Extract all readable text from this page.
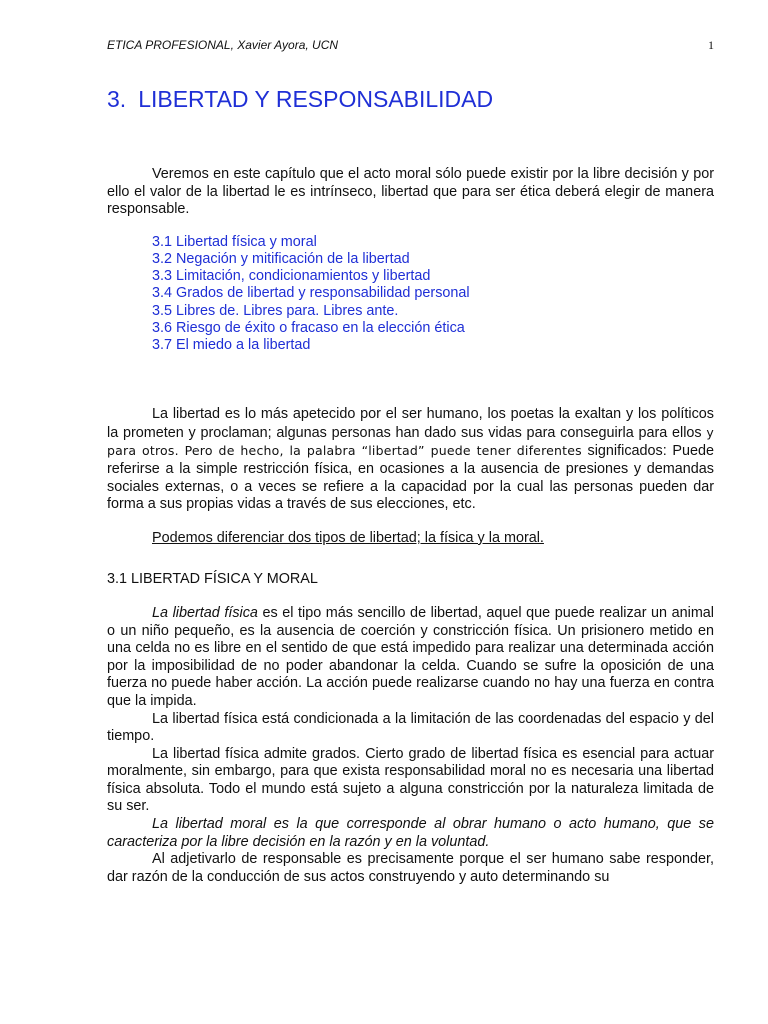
ETICA PROFESIONAL, Xavier Ayora, UCN	1
3. LIBERTAD Y RESPONSABILIDAD

Veremos en este capítulo que el acto moral sólo puede existir por la libre decisión y por ello el valor de la libertad le es intrínseco, libertad que para ser ética deberá elegir de manera responsable.

3.1 Libertad física y moral
3.2 Negación y mitificación de la libertad
3.3 Limitación, condicionamientos y libertad
3.4 Grados de libertad y responsabilidad personal
3.5 Libres de. Libres para. Libres ante.
3.6 Riesgo de éxito o fracaso en la elección ética
3.7 El miedo a la libertad

La libertad es lo más apetecido por el ser humano, los poetas la exaltan y los políticos la prometen y proclaman; algunas personas han dado sus vidas para conseguirla para ellos y para otros. Pero de hecho, la palabra “libertad” puede tener diferentes significados: Puede referirse a la simple restricción física, en ocasiones a la ausencia de presiones y demandas sociales externas, o a veces se refiere a la capacidad por la cual las personas pueden dar forma a sus propias vidas a través de sus elecciones, etc.

Podemos diferenciar dos tipos de libertad; la física y la moral.

3.1 LIBERTAD FÍSICA Y MORAL

La libertad física es el tipo más sencillo de libertad, aquel que puede realizar un animal o un niño pequeño, es la ausencia de coerción y constricción física. Un prisionero metido en una celda no es libre en el sentido de que está impedido para realizar una determinada acción por la imposibilidad de no poder abandonar la celda. Cuando se sufre la oposición de una fuerza no puede haber acción. La acción puede realizarse cuando no hay una fuerza en contra que la impida.

La libertad física está condicionada a la limitación de las coordenadas del espacio y del tiempo.

La libertad física admite grados. Cierto grado de libertad física es esencial para actuar moralmente, sin embargo, para que exista responsabilidad moral no es necesaria una libertad física absoluta. Todo el mundo está sujeto a alguna constricción por la naturaleza limitada de su ser.

La libertad moral es la que corresponde al obrar humano o acto humano, que se caracteriza por la libre decisión en la razón y en la voluntad.

Al adjetivarlo de responsable es precisamente porque el ser humano sabe responder, dar razón de la conducción de sus actos construyendo y auto determinando su
